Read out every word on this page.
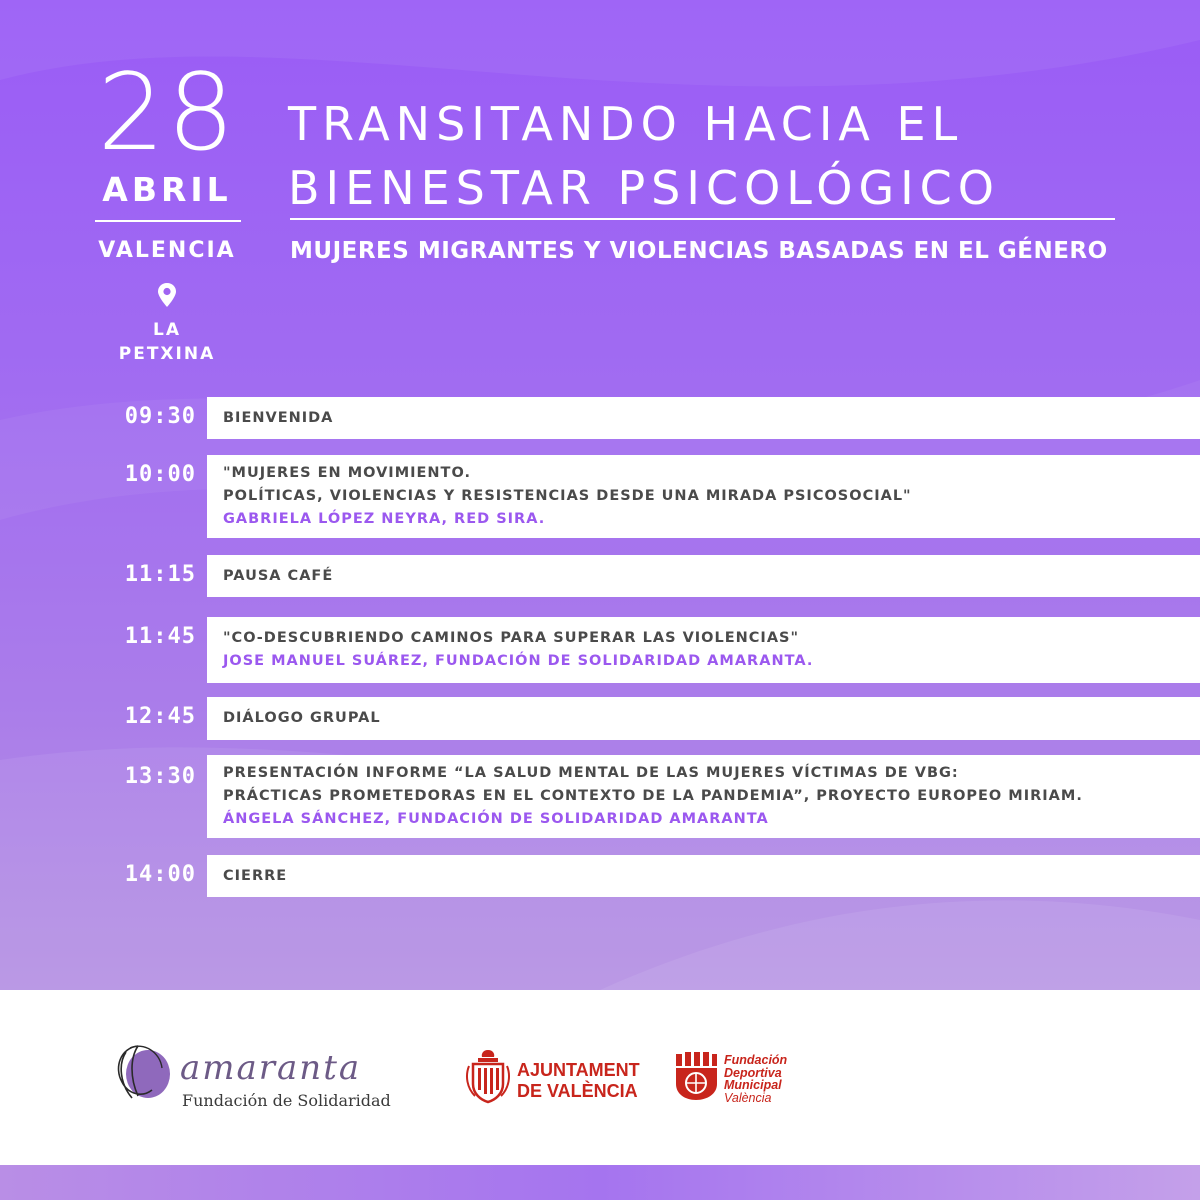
28
ABRIL
VALENCIA
LA
PETXINA
TRANSITANDO HACIA EL
BIENESTAR PSICOLÓGICO
MUJERES MIGRANTES Y VIOLENCIAS BASADAS EN EL GÉNERO
09:30 BIENVENIDA
10:00 "MUJERES EN MOVIMIENTO.
POLÍTICAS, VIOLENCIAS Y RESISTENCIAS DESDE UNA MIRADA PSICOSOCIAL"
GABRIELA LÓPEZ NEYRA, RED SIRA.
11:15 PAUSA CAFÉ
11:45 "CO-DESCUBRIENDO CAMINOS PARA SUPERAR LAS VIOLENCIAS"
JOSE MANUEL SUÁREZ, FUNDACIÓN DE SOLIDARIDAD AMARANTA.
12:45 DIÁLOGO GRUPAL
13:30 PRESENTACIÓN INFORME “LA SALUD MENTAL DE LAS MUJERES VÍCTIMAS DE VBG:
PRÁCTICAS PROMETEDORAS EN EL CONTEXTO DE LA PANDEMIA”, PROYECTO EUROPEO MIRIAM.
ÁNGELA SÁNCHEZ, FUNDACIÓN DE SOLIDARIDAD AMARANTA
14:00 CIERRE
amaranta
Fundación de Solidaridad
AJUNTAMENT
DE VALÈNCIA
Fundación
Deportiva
Municipal
València
